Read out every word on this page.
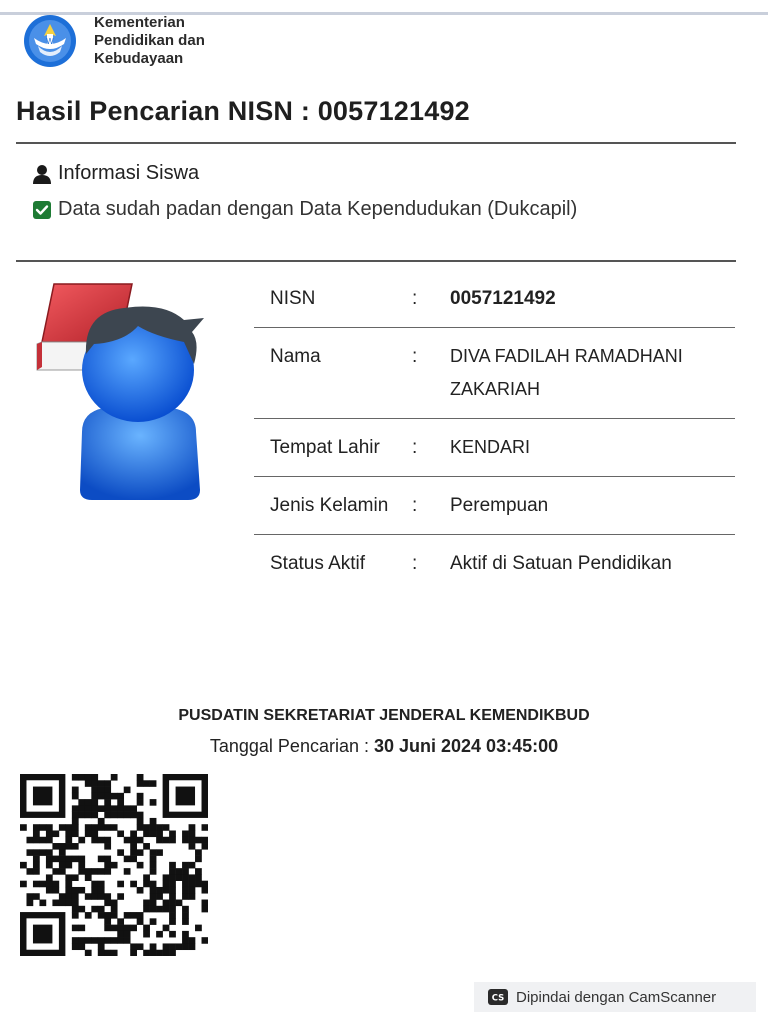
W
Kementerian
Pendidikan dan
Kebudayaan
Hasil Pencarian NISN : 0057121492
Informasi Siswa
Data sudah padan dengan Data Kependudukan (Dukcapil)
NISN	:	0057121492
Nama	:	DIVA FADILAH RAMADHANI ZAKARIAH
Tempat Lahir	:	KENDARI
Jenis Kelamin	:	Perempuan
Status Aktif	:	Aktif di Satuan Pendidikan
PUSDATIN SEKRETARIAT JENDERAL KEMENDIKBUD
Tanggal Pencarian : 30 Juni 2024 03:45:00
CS Dipindai dengan CamScanner
